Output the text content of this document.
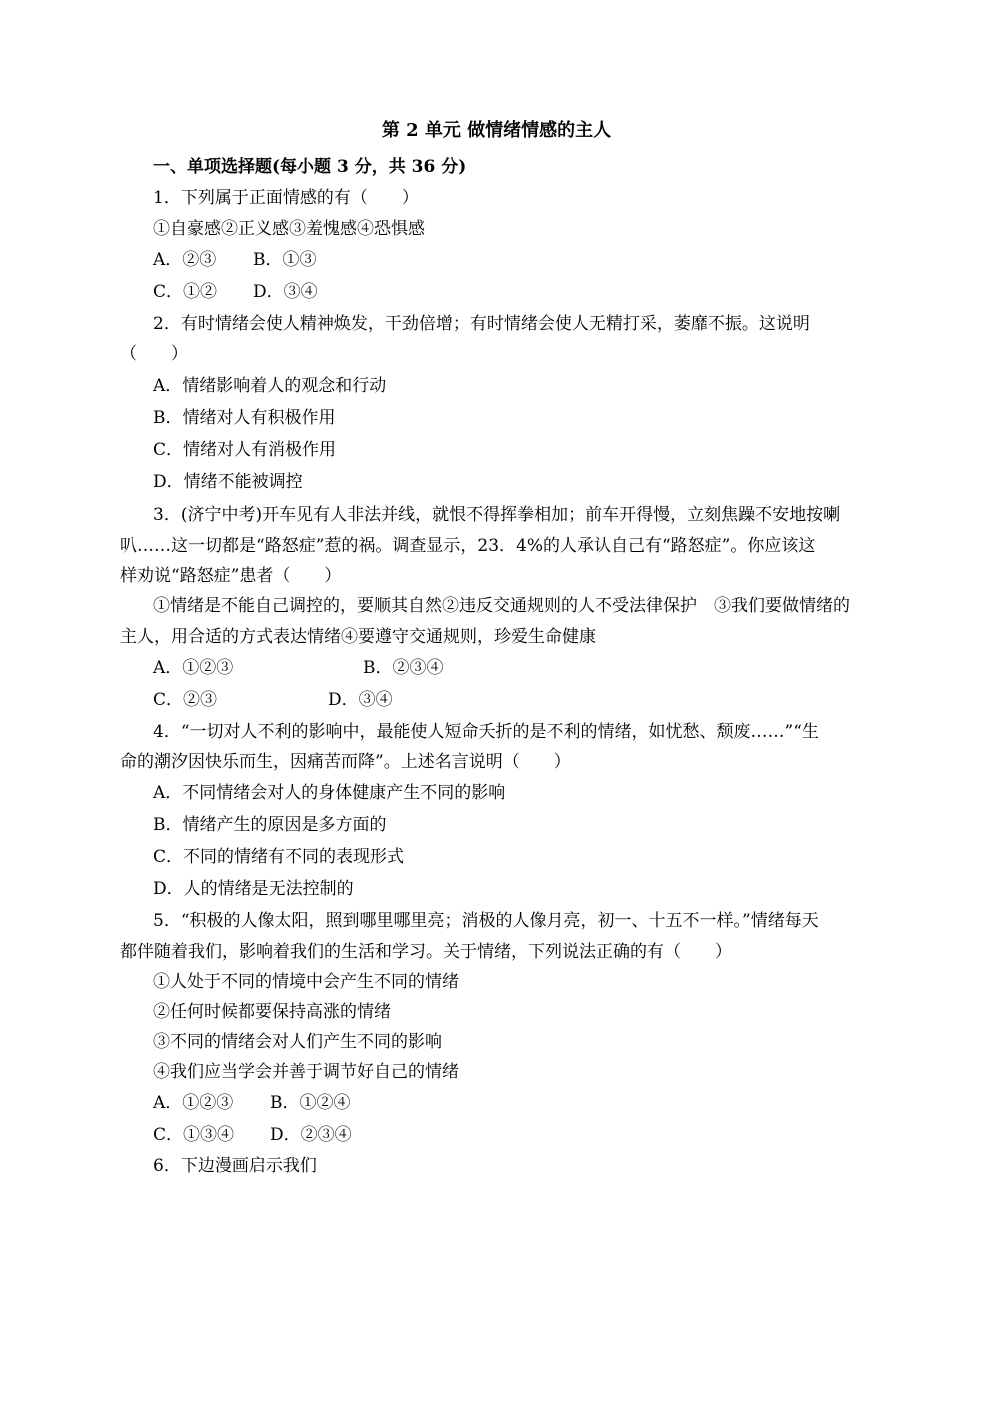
第 2 单元 做情绪情感的主人
一、单项选择题(每小题 3 分，共 36 分)
1．下列属于正面情感的有（　　）
①自豪感②正义感③羞愧感④恐惧感
A．②③ B．①③
C．①② D．③④
2．有时情绪会使人精神焕发，干劲倍增；有时情绪会使人无精打采，萎靡不振。这说明
（　　）
A．情绪影响着人的观念和行动
B．情绪对人有积极作用
C．情绪对人有消极作用
D．情绪不能被调控
3．(济宁中考)开车见有人非法并线，就恨不得挥拳相加；前车开得慢，立刻焦躁不安地按喇
叭……这一切都是“路怒症”惹的祸。调查显示，23．4%的人承认自己有“路怒症”。你应该这
样劝说“路怒症”患者（　　）
①情绪是不能自己调控的，要顺其自然②违反交通规则的人不受法律保护　③我们要做情绪的
主人，用合适的方式表达情绪④要遵守交通规则，珍爱生命健康
A．①②③	B．②③④
C．②③	D．③④
4．“一切对人不利的影响中，最能使人短命夭折的是不利的情绪，如忧愁、颓废……”“生
命的潮汐因快乐而生，因痛苦而降”。上述名言说明（　　）
A．不同情绪会对人的身体健康产生不同的影响
B．情绪产生的原因是多方面的
C．不同的情绪有不同的表现形式
D．人的情绪是无法控制的
5．“积极的人像太阳，照到哪里哪里亮；消极的人像月亮，初一、十五不一样。”情绪每天
都伴随着我们，影响着我们的生活和学习。关于情绪，下列说法正确的有（　　）
①人处于不同的情境中会产生不同的情绪
②任何时候都要保持高涨的情绪
③不同的情绪会对人们产生不同的影响
④我们应当学会并善于调节好自己的情绪
A．①②③ B．①②④
C．①③④ D．②③④
6．下边漫画启示我们
